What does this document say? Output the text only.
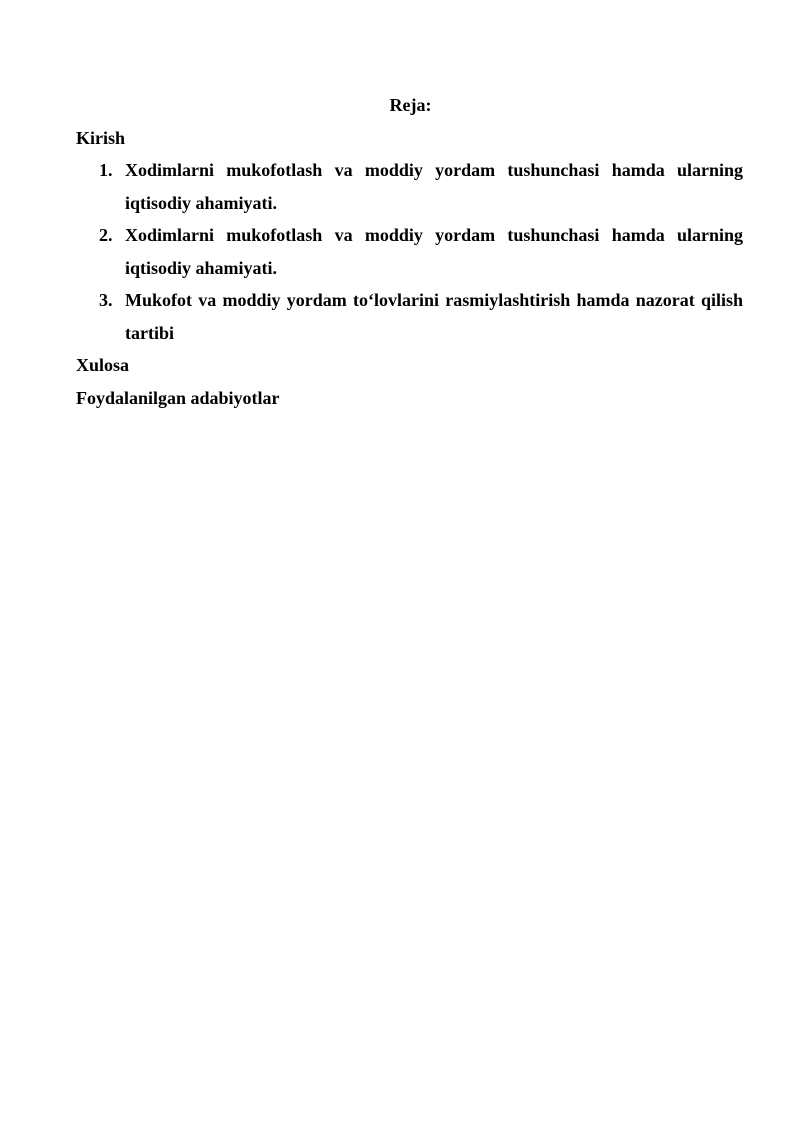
Reja:

Kirish

1. Xodimlarni mukofotlash va moddiy yordam tushunchasi hamda ularning iqtisodiy ahamiyati.
2. Xodimlarni mukofotlash va moddiy yordam tushunchasi hamda ularning iqtisodiy ahamiyati.
3. Mukofot va moddiy yordam to‘lovlarini rasmiylashtirish hamda nazorat qilish tartibi

Xulosa

Foydalanilgan adabiyotlar
